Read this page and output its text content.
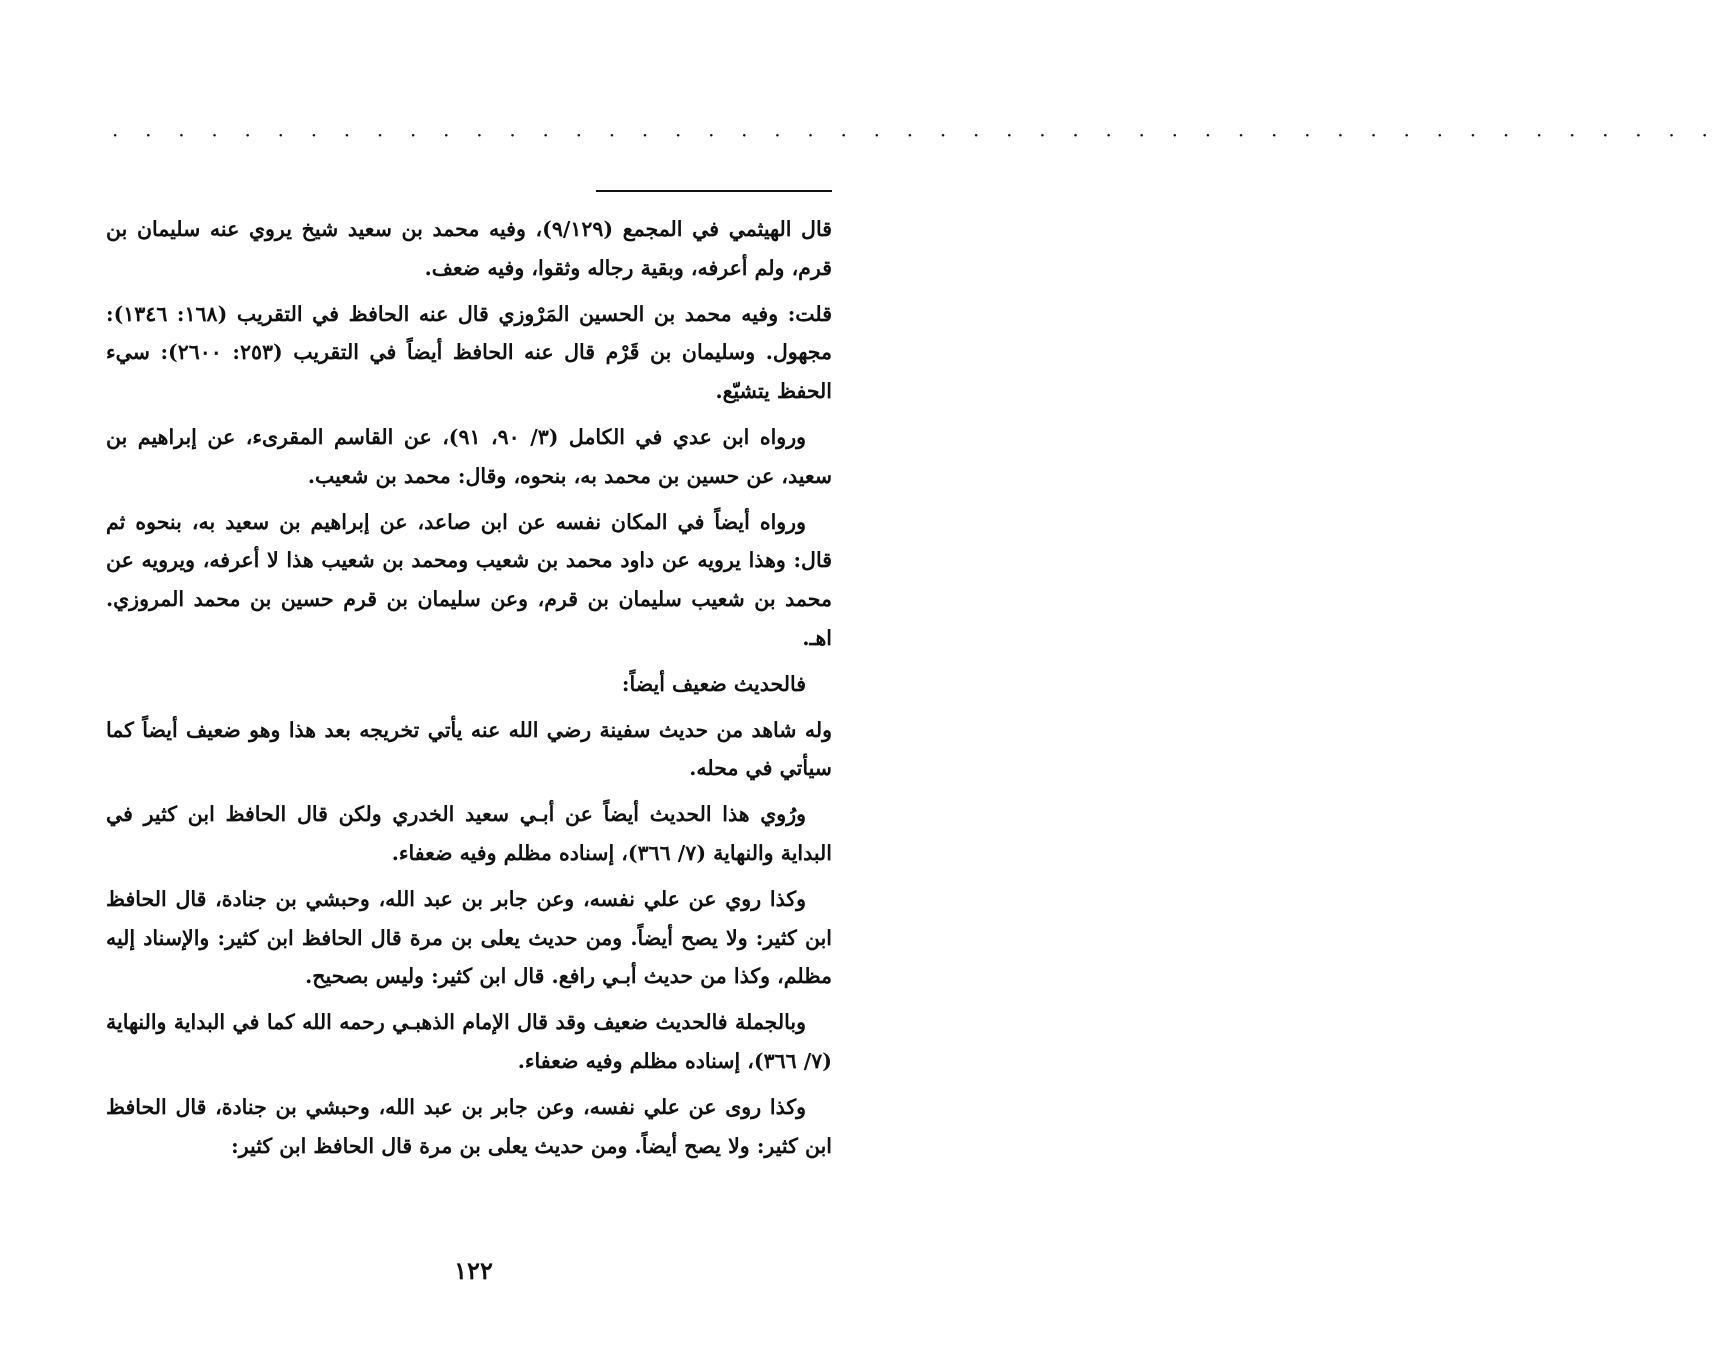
· · · · · · · · · · · · · · · · · · · · · · · · · · · · · · · · · · · · · · · · · · · · · · · · ·

قال الهيثمي في المجمع (٩/١٢٩)، وفيه محمد بن سعيد شيخ يروي عنه سليمان بن قرم، ولم أعرفه، وبقية رجاله وثقوا، وفيه ضعف.

قلت: وفيه محمد بن الحسين المَرْوزي قال عنه الحافظ في التقريب (١٦٨: ١٣٤٦): مجهول. وسليمان بن قَرْم قال عنه الحافظ أيضاً في التقريب (٢٥٣: ٢٦٠٠): سيء الحفظ يتشيّع.

ورواه ابن عدي في الكامل (٣/ ٩٠، ٩١)، عن القاسم المقرىء، عن إبراهيم بن سعيد، عن حسين بن محمد به، بنحوه، وقال: محمد بن شعيب.

ورواه أيضاً في المكان نفسه عن ابن صاعد، عن إبراهيم بن سعيد به، بنحوه ثم قال: وهذا يرويه عن داود محمد بن شعيب ومحمد بن شعيب هذا لا أعرفه، ويرويه عن محمد بن شعيب سليمان بن قرم، وعن سليمان بن قرم حسين بن محمد المروزي. اهـ.

فالحديث ضعيف أيضاً:

وله شاهد من حديث سفينة رضي الله عنه يأتي تخريجه بعد هذا وهو ضعيف أيضاً كما سيأتي في محله.

ورُوي هذا الحديث أيضاً عن أبـي سعيد الخدري ولكن قال الحافظ ابن كثير في البداية والنهاية (٧/ ٣٦٦)، إسناده مظلم وفيه ضعفاء.

وكذا روي عن علي نفسه، وعن جابر بن عبد الله، وحبشي بن جنادة، قال الحافظ ابن كثير: ولا يصح أيضاً. ومن حديث يعلى بن مرة قال الحافظ ابن كثير: والإسناد إليه مظلم، وكذا من حديث أبـي رافع. قال ابن كثير: وليس بصحيح.

وبالجملة فالحديث ضعيف وقد قال الإمام الذهبـي رحمه الله كما في البداية والنهاية (٧/ ٣٦٦)، إسناده مظلم وفيه ضعفاء.

وكذا روى عن علي نفسه، وعن جابر بن عبد الله، وحبشي بن جنادة، قال الحافظ ابن كثير: ولا يصح أيضاً. ومن حديث يعلى بن مرة قال الحافظ ابن كثير:

١٢٢
